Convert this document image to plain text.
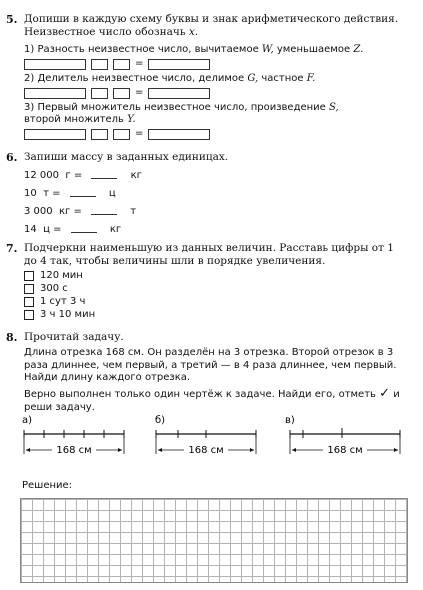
5. Допиши в каждую схему буквы и знак арифметического действия. Неизвестное число обозначь x.
1) Разность неизвестное число, вычитаемое W, уменьшаемое Z.
=
2) Делитель неизвестное число, делимое G, частное F.
=
3) Первый множитель неизвестное число, произведение S,
второй множитель Y.
=
6. Запиши массу в заданных единицах.
12 000 г =	кг
10 т =	ц
3 000 кг =	т
14 ц =	кг
7. Подчеркни наименьшую из данных величин. Расставь цифры от 1 до 4 так, чтобы величины шли в порядке увеличения.
120 мин
300 с
1 сут 3 ч
3 ч 10 мин
8. Прочитай задачу.
Длина отрезка 168 см. Он разделён на 3 отрезка. Второй отрезок в 3 раза длиннее, чем первый, а третий — в 4 раза длиннее, чем первый. Найди длину каждого отрезка.
Верно выполнен только один чертёж к задаче. Найди его, отметь ✓ и реши задачу.
а)
168 см
б)
168 см
в)
168 см
Решение:
